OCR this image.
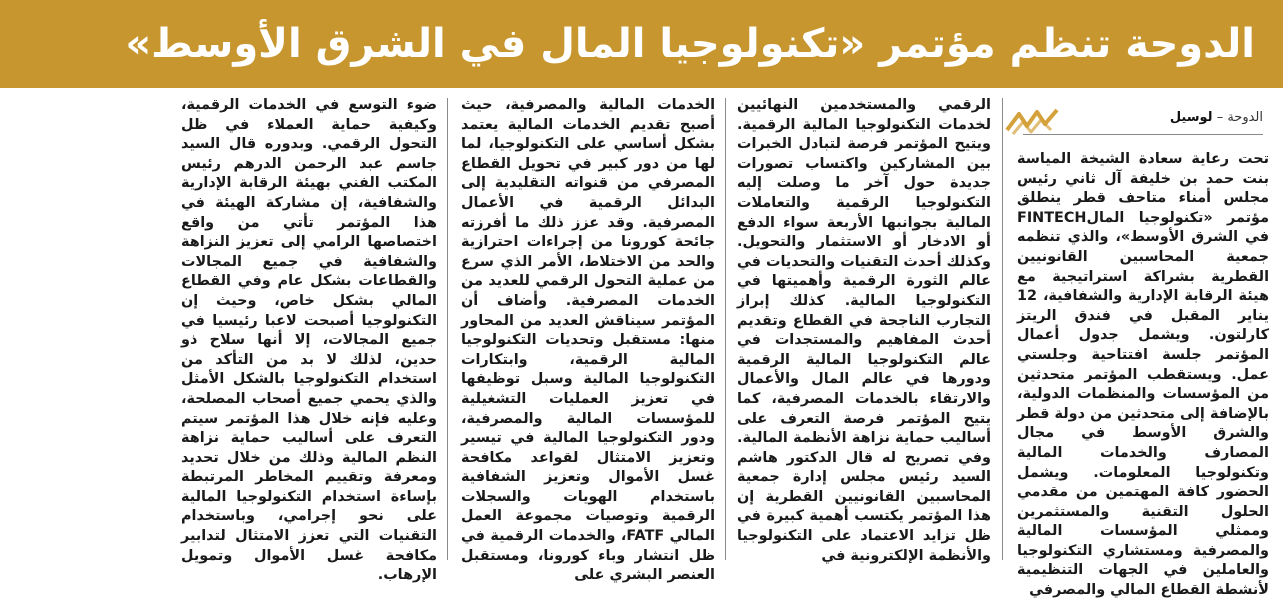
الدوحة تنظم مؤتمر «تكنولوجيا المال في الشرق الأوسط»
الدوحة – لوسيل

تحت رعاية سعادة الشيخة المياسة بنت حمد بن خليفة آل ثاني رئيس مجلس أمناء متاحف قطر ينطلق مؤتمر «تكنولوجيا المالFINTECH في الشرق الأوسط»، والذي تنظمه جمعية المحاسبين القانونيين القطرية بشراكة استراتيجية مع هيئة الرقابة الإدارية والشفافية، 12 يناير المقبل في فندق الريتز كارلتون. ويشمل جدول أعمال المؤتمر جلسة افتتاحية وجلستي عمل. ويستقطب المؤتمر متحدثين من المؤسسات والمنظمات الدولية، بالإضافة إلى متحدثين من دولة قطر والشرق الأوسط في مجال المصارف والخدمات المالية وتكنولوجيا المعلومات. ويشمل الحضور كافة المهتمين من مقدمي الحلول التقنية والمستثمرين وممثلي المؤسسات المالية والمصرفية ومستشاري التكنولوجيا والعاملين في الجهات التنظيمية لأنشطة القطاع المالي والمصرفي

الرقمي والمستخدمين النهائيين لخدمات التكنولوجيا المالية الرقمية. ويتيح المؤتمر فرصة لتبادل الخبرات بين المشاركين واكتساب تصورات جديدة حول آخر ما وصلت إليه التكنولوجيا الرقمية والتعاملات المالية بجوانبها الأربعة سواء الدفع أو الادخار أو الاستثمار والتحويل. وكذلك أحدث التقنيات والتحديات في عالم الثورة الرقمية وأهميتها في التكنولوجيا المالية. كذلك إبراز التجارب الناجحة في القطاع وتقديم أحدث المفاهيم والمستجدات في عالم التكنولوجيا المالية الرقمية ودورها في عالم المال والأعمال والارتقاء بالخدمات المصرفية، كما يتيح المؤتمر فرصة التعرف على أساليب حماية نزاهة الأنظمة المالية. وفي تصريح له قال الدكتور هاشم السيد رئيس مجلس إدارة جمعية المحاسبين القانونيين القطرية إن هذا المؤتمر يكتسب أهمية كبيرة في ظل تزايد الاعتماد على التكنولوجيا والأنظمة الإلكترونية في

الخدمات المالية والمصرفية، حيث أصبح تقديم الخدمات المالية يعتمد بشكل أساسي على التكنولوجيا، لما لها من دور كبير في تحويل القطاع المصرفي من قنواته التقليدية إلى البدائل الرقمية في الأعمال المصرفية. وقد عزز ذلك ما أفرزته جائحة كورونا من إجراءات احترازية والحد من الاختلاط، الأمر الذي سرع من عملية التحول الرقمي للعديد من الخدمات المصرفية. وأضاف أن المؤتمر سيناقش العديد من المحاور منها: مستقبل وتحديات التكنولوجيا المالية الرقمية، وابتكارات التكنولوجيا المالية وسبل توظيفها في تعزيز العمليات التشغيلية للمؤسسات المالية والمصرفية، ودور التكنولوجيا المالية في تيسير وتعزيز الامتثال لقواعد مكافحة غسل الأموال وتعزيز الشفافية باستخدام الهويات والسجلات الرقمية وتوصيات مجموعة العمل المالي FATF، والخدمات الرقمية في ظل انتشار وباء كورونا، ومستقبل العنصر البشري على

ضوء التوسع في الخدمات الرقمية، وكيفية حماية العملاء في ظل التحول الرقمي. وبدوره قال السيد جاسم عبد الرحمن الدرهم رئيس المكتب الفني بهيئة الرقابة الإدارية والشفافية، إن مشاركة الهيئة في هذا المؤتمر تأتي من واقع اختصاصها الرامي إلى تعزيز النزاهة والشفافية في جميع المجالات والقطاعات بشكل عام وفي القطاع المالي بشكل خاص، وحيث إن التكنولوجيا أصبحت لاعبا رئيسيا في جميع المجالات، إلا أنها سلاح ذو حدين، لذلك لا بد من التأكد من استخدام التكنولوجيا بالشكل الأمثل والذي يحمي جميع أصحاب المصلحة، وعليه فإنه خلال هذا المؤتمر سيتم التعرف على أساليب حماية نزاهة النظم المالية وذلك من خلال تحديد ومعرفة وتقييم المخاطر المرتبطة بإساءة استخدام التكنولوجيا المالية على نحو إجرامي، وباستخدام التقنيات التي تعزز الامتثال لتدابير مكافحة غسل الأموال وتمويل الإرهاب.
